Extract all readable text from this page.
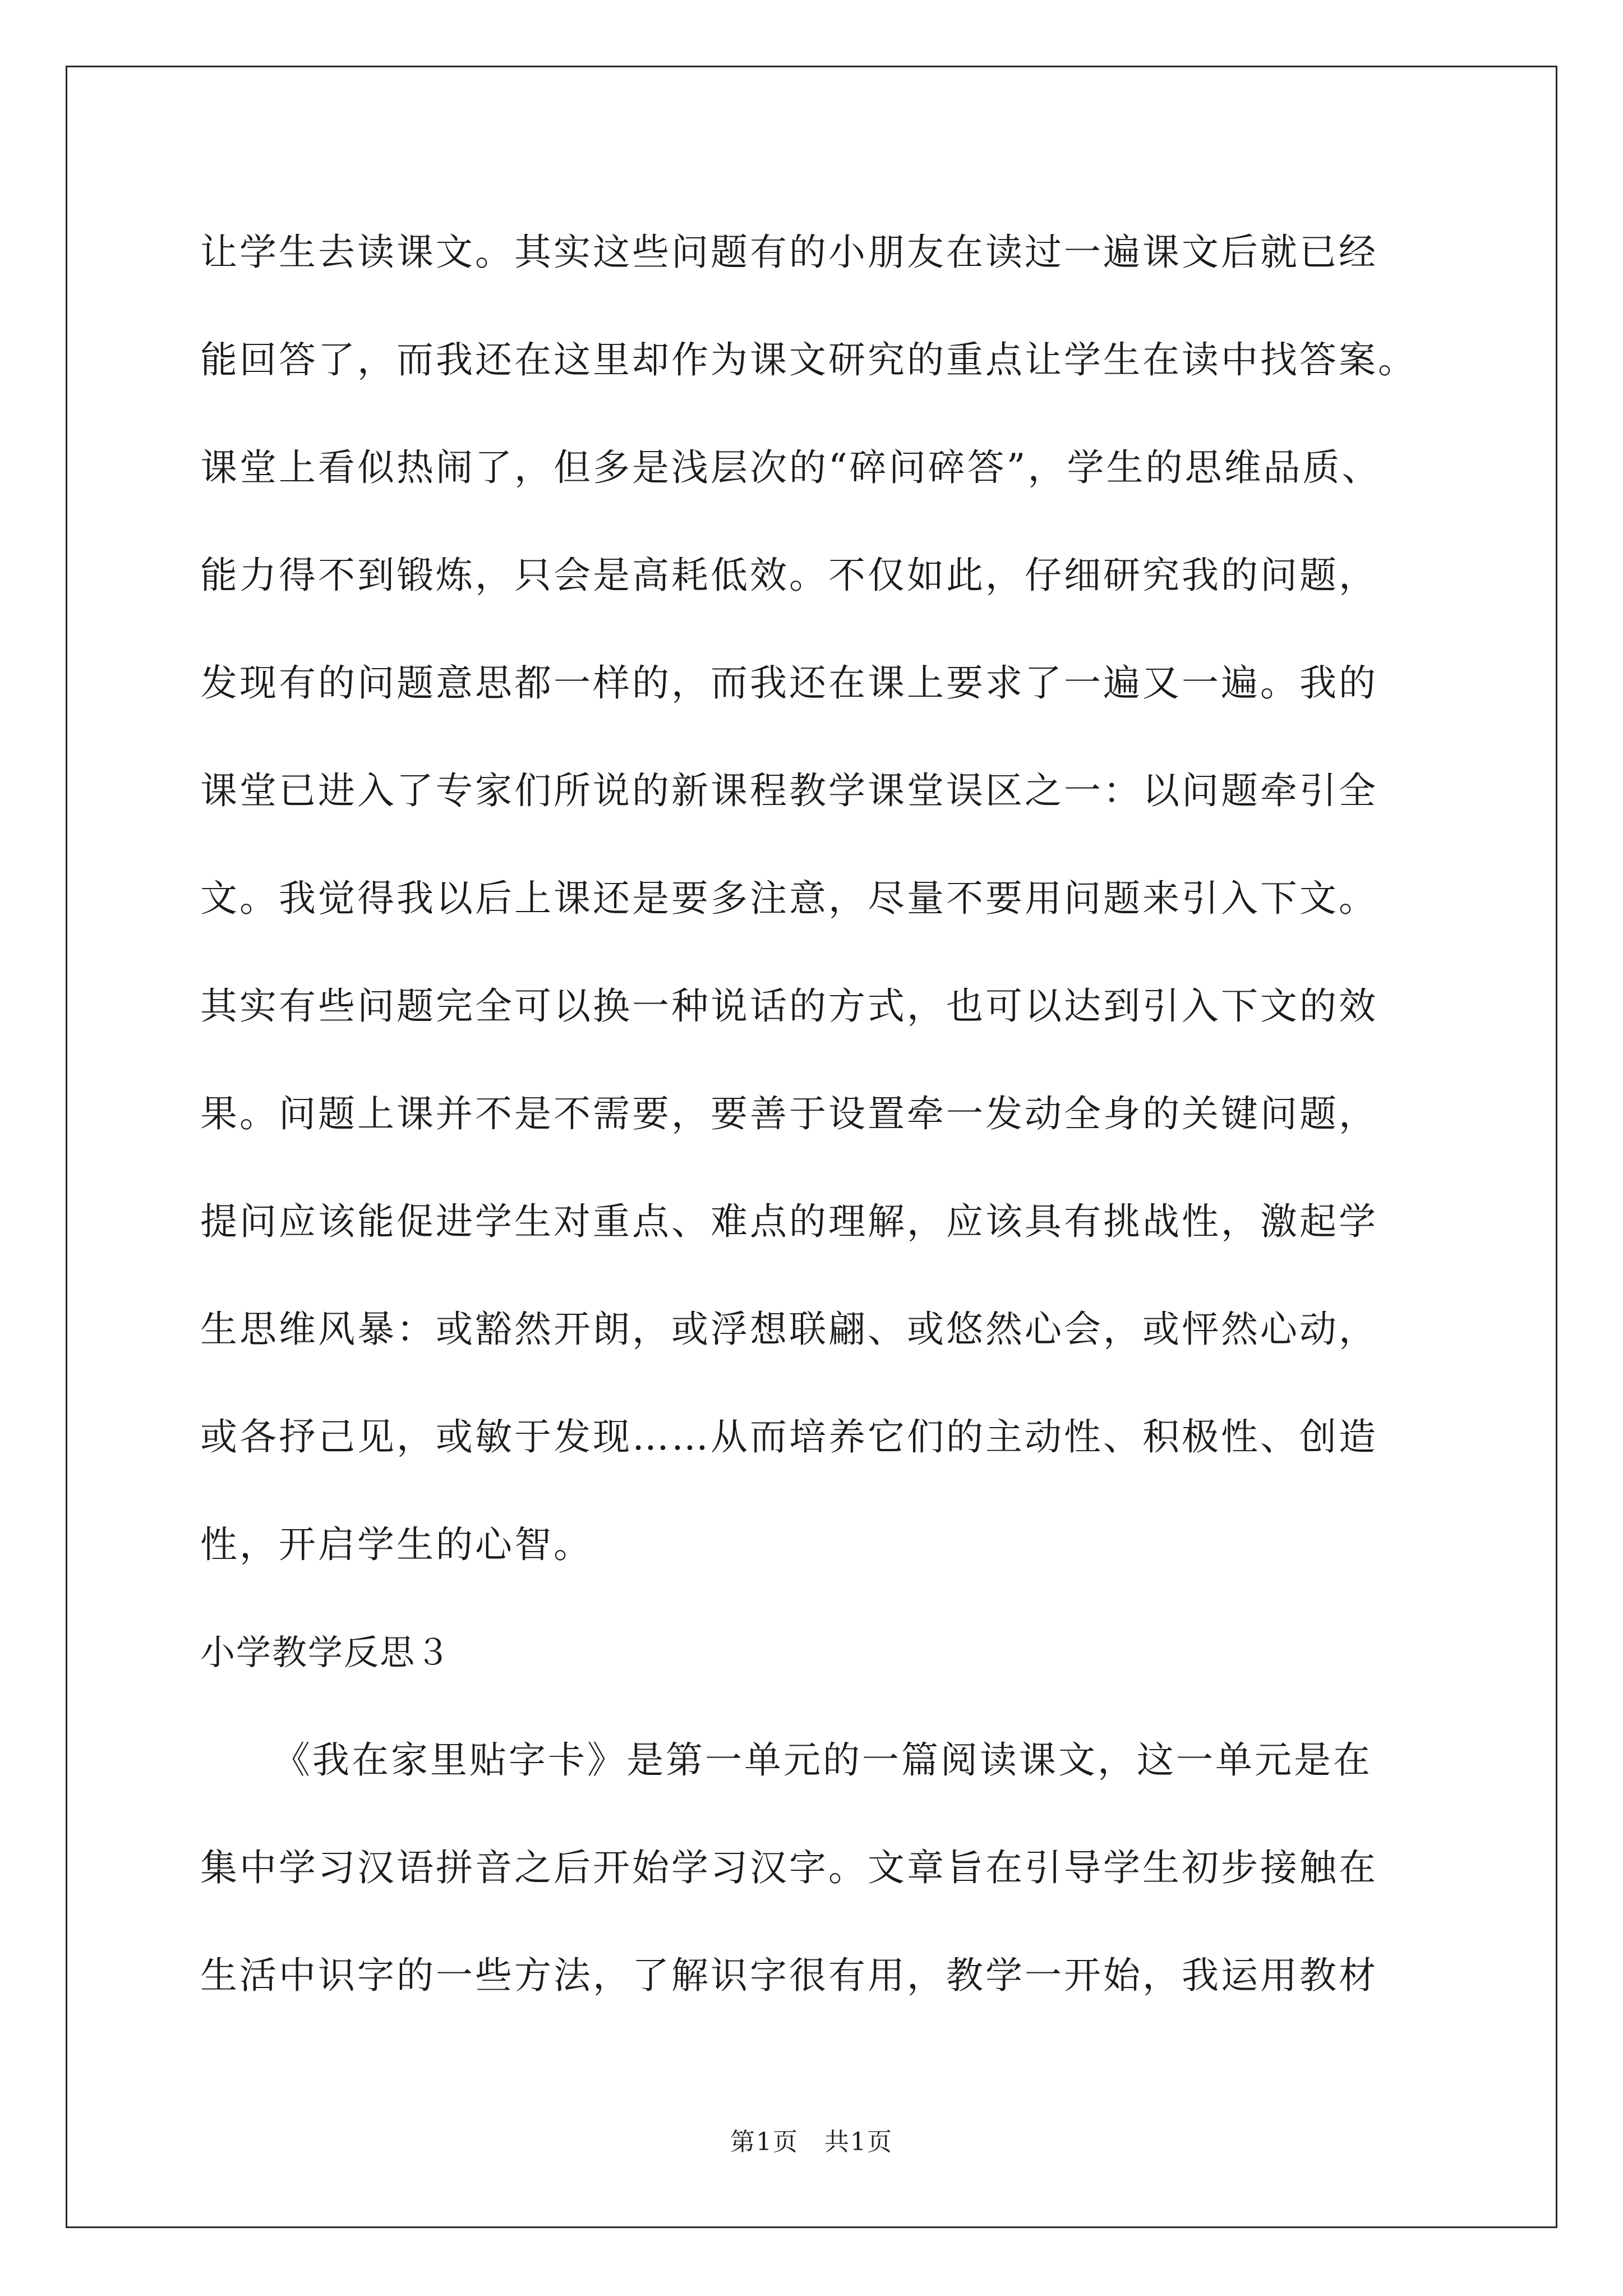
让学生去读课文。其实这些问题有的小朋友在读过一遍课文后就已经
能回答了，而我还在这里却作为课文研究的重点让学生在读中找答案。
课堂上看似热闹了，但多是浅层次的“碎问碎答”，学生的思维品质、
能力得不到锻炼，只会是高耗低效。不仅如此，仔细研究我的问题，
发现有的问题意思都一样的，而我还在课上要求了一遍又一遍。我的
课堂已进入了专家们所说的新课程教学课堂误区之一：以问题牵引全
文。我觉得我以后上课还是要多注意，尽量不要用问题来引入下文。
其实有些问题完全可以换一种说话的方式，也可以达到引入下文的效
果。问题上课并不是不需要，要善于设置牵一发动全身的关键问题，
提问应该能促进学生对重点、难点的理解，应该具有挑战性，激起学
生思维风暴：或豁然开朗，或浮想联翩、或悠然心会，或怦然心动，
或各抒己见，或敏于发现……从而培养它们的主动性、积极性、创造
性，开启学生的心智。
小学教学反思３
《我在家里贴字卡》是第一单元的一篇阅读课文，这一单元是在
集中学习汉语拼音之后开始学习汉字。文章旨在引导学生初步接触在
生活中识字的一些方法，了解识字很有用，教学一开始，我运用教材
第1页　共1页
